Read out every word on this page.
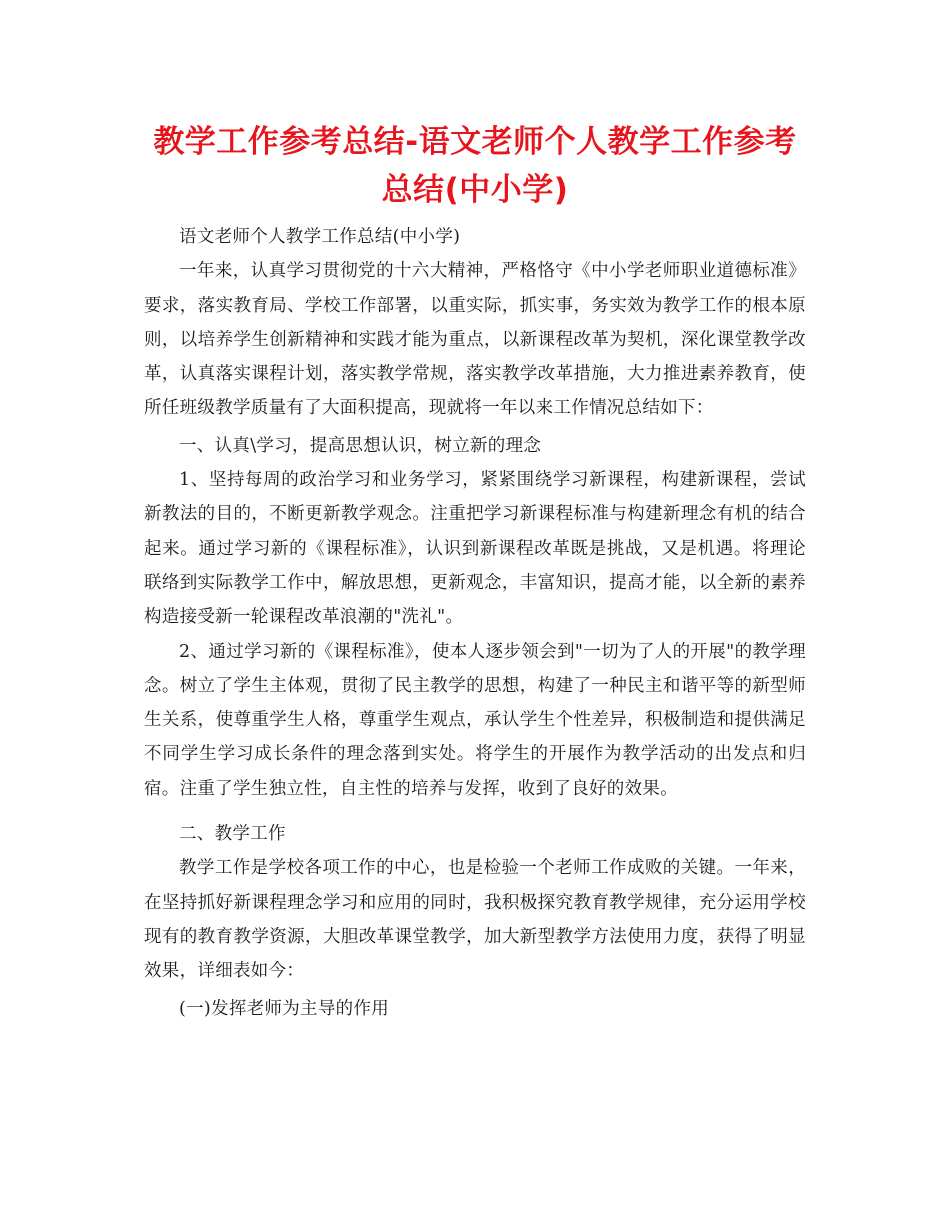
教学工作参考总结-语文老师个人教学工作参考总结(中小学)

语文老师个人教学工作总结(中小学)

一年来，认真学习贯彻党的十六大精神，严格恪守《中小学老师职业道德标准》要求，落实教育局、学校工作部署，以重实际，抓实事，务实效为教学工作的根本原则，以培养学生创新精神和实践才能为重点，以新课程改革为契机，深化课堂教学改革，认真落实课程计划，落实教学常规，落实教学改革措施，大力推进素养教育，使所任班级教学质量有了大面积提高，现就将一年以来工作情况总结如下：

一、认真\学习，提高思想认识，树立新的理念

1、坚持每周的政治学习和业务学习，紧紧围绕学习新课程，构建新课程，尝试新教法的目的，不断更新教学观念。注重把学习新课程标准与构建新理念有机的结合起来。通过学习新的《课程标准》，认识到新课程改革既是挑战，又是机遇。将理论联络到实际教学工作中，解放思想，更新观念，丰富知识，提高才能，以全新的素养构造接受新一轮课程改革浪潮的"洗礼"。

2、通过学习新的《课程标准》，使本人逐步领会到"一切为了人的开展"的教学理念。树立了学生主体观，贯彻了民主教学的思想，构建了一种民主和谐平等的新型师生关系，使尊重学生人格，尊重学生观点，承认学生个性差异，积极制造和提供满足不同学生学习成长条件的理念落到实处。将学生的开展作为教学活动的出发点和归宿。注重了学生独立性，自主性的培养与发挥，收到了良好的效果。

二、教学工作

教学工作是学校各项工作的中心，也是检验一个老师工作成败的关键。一年来，在坚持抓好新课程理念学习和应用的同时，我积极探究教育教学规律，充分运用学校现有的教育教学资源，大胆改革课堂教学，加大新型教学方法使用力度，获得了明显效果，详细表如今：

(一)发挥老师为主导的作用
